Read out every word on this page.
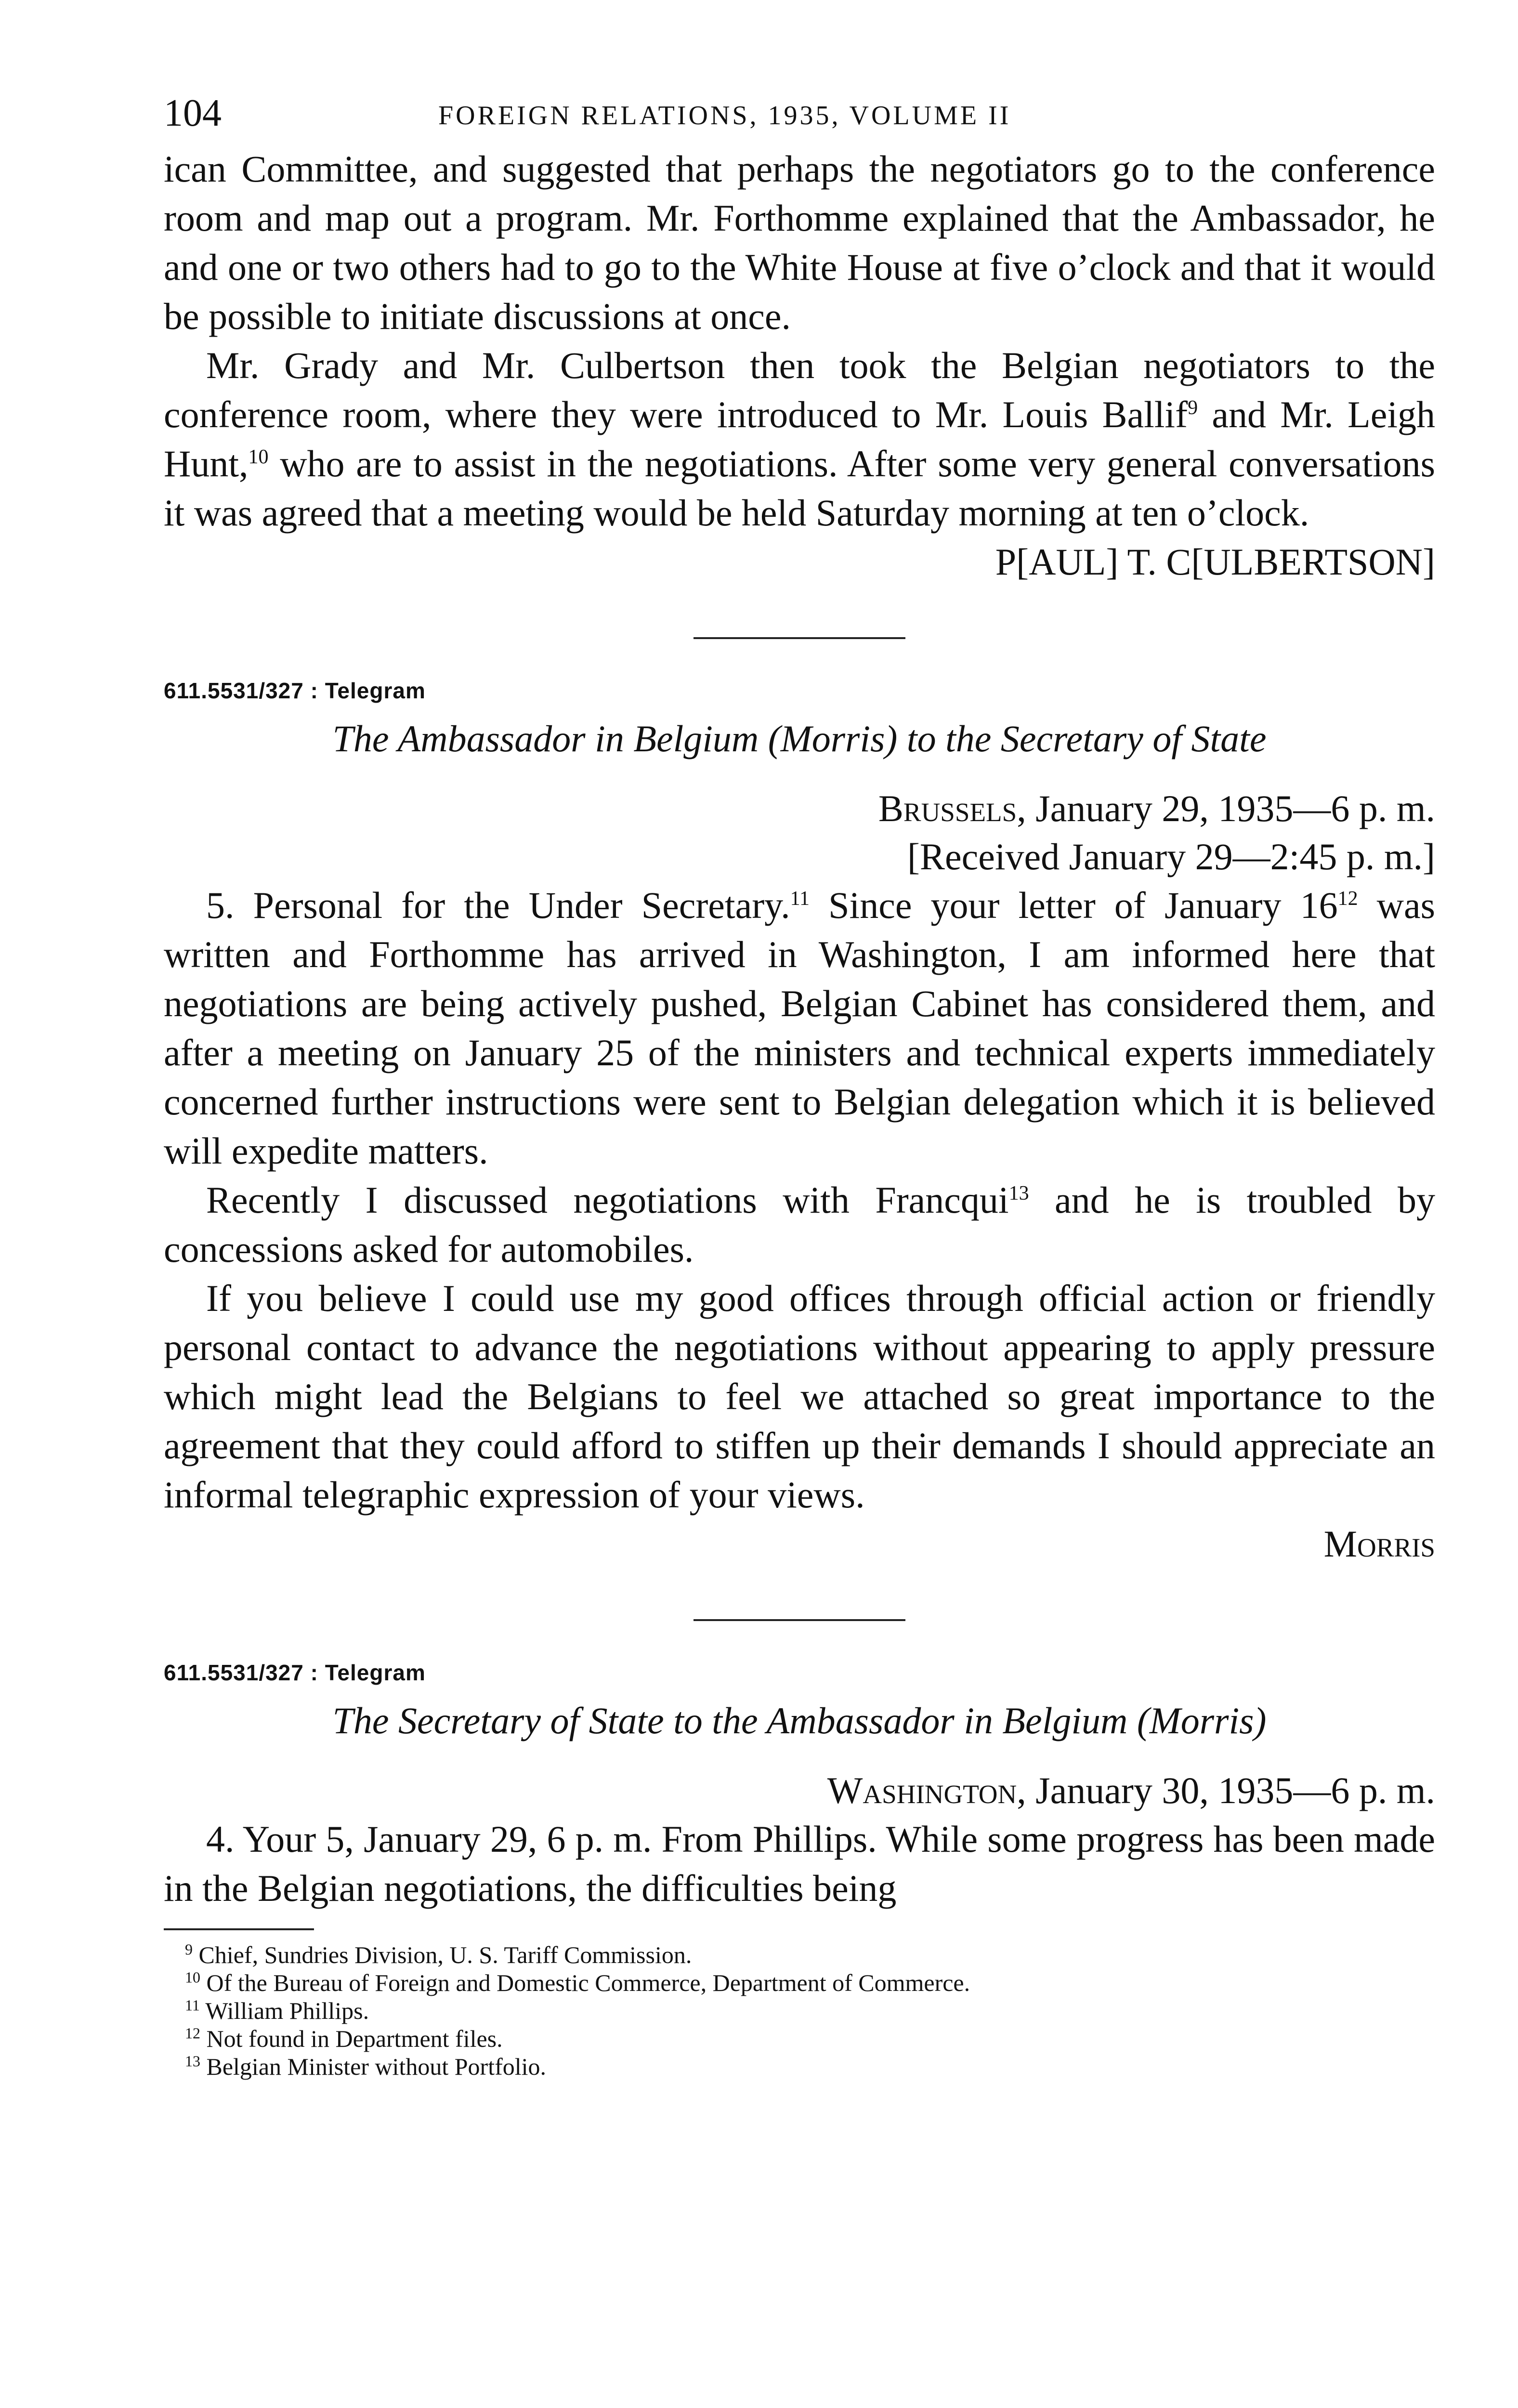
104	FOREIGN RELATIONS, 1935, VOLUME II

ican Committee, and suggested that perhaps the negotiators go to the conference room and map out a program. Mr. Forthomme explained that the Ambassador, he and one or two others had to go to the White House at five o’clock and that it would be possible to initiate discussions at once.

Mr. Grady and Mr. Culbertson then took the Belgian negotiators to the conference room, where they were introduced to Mr. Louis Ballif$^9$ and Mr. Leigh Hunt,$^{10}$ who are to assist in the negotiations. After some very general conversations it was agreed that a meeting would be held Saturday morning at ten o’clock.

P[AUL] T. C[ULBERTSON]
611.5531/327 : Telegram
The Ambassador in Belgium (Morris) to the Secretary of State
Brussels, January 29, 1935—6 p. m.
[Received January 29—2:45 p. m.]

5. Personal for the Under Secretary.$^{11}$ Since your letter of January $16^{12}$ was written and Forthomme has arrived in Washington, I am informed here that negotiations are being actively pushed, Belgian Cabinet has considered them, and after a meeting on January 25 of the ministers and technical experts immediately concerned further instructions were sent to Belgian delegation which it is believed will expedite matters.

Recently I discussed negotiations with Francqui$^{13}$ and he is troubled by concessions asked for automobiles.

If you believe I could use my good offices through official action or friendly personal contact to advance the negotiations without appearing to apply pressure which might lead the Belgians to feel we attached so great importance to the agreement that they could afford to stiffen up their demands I should appreciate an informal telegraphic expression of your views.

Morris
611.5531/327 : Telegram
The Secretary of State to the Ambassador in Belgium (Morris)
Washington, January 30, 1935—6 p. m.

4. Your 5, January 29, 6 p. m. From Phillips. While some progress has been made in the Belgian negotiations, the difficulties being

$^9$ Chief, Sundries Division, U. S. Tariff Commission.
$^{10}$ Of the Bureau of Foreign and Domestic Commerce, Department of Commerce.
$^{11}$ William Phillips.
$^{12}$ Not found in Department files.
$^{13}$ Belgian Minister without Portfolio.
